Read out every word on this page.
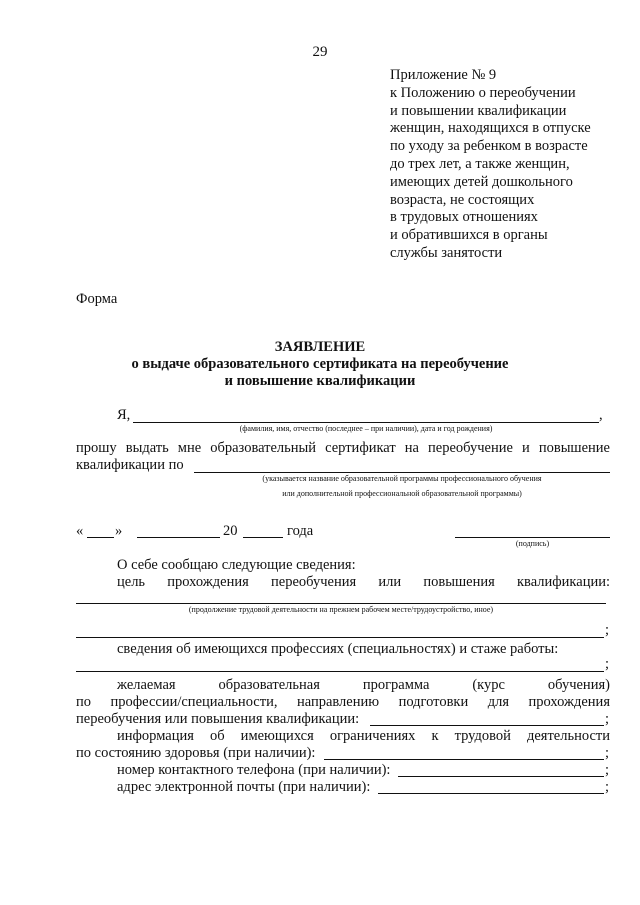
29
Приложение № 9
к Положению о переобучении
и повышении квалификации
женщин, находящихся в отпуске
по уходу за ребенком в возрасте
до трех лет, а также женщин,
имеющих детей дошкольного
возраста, не состоящих
в трудовых отношениях
и обратившихся в органы
службы занятости
Форма
ЗАЯВЛЕНИЕ
о выдаче образовательного сертификата на переобучение
и повышение квалификации
Я,	,
(фамилия, имя, отчество (последнее – при наличии), дата и год рождения)
прошу выдать мне образовательный сертификат на переобучение и повышение
квалификации по
(указывается название образовательной программы профессионального обучения
или дополнительной профессиональной образовательной программы)
« »	20	года
(подпись)
О себе сообщаю следующие сведения:
цель прохождения переобучения или повышения квалификации:
(продолжение трудовой деятельности на прежнем рабочем месте/трудоустройство, иное)
;
сведения об имеющихся профессиях (специальностях) и стаже работы:
;
желаемая	образовательная	программа	(курс	обучения)
по профессии/специальности, направлению подготовки для прохождения
переобучения или повышения квалификации:	;
информация об имеющихся ограничениях к трудовой деятельности
по состоянию здоровья (при наличии):	;
номер контактного телефона (при наличии):	;
адрес электронной почты (при наличии):	;
